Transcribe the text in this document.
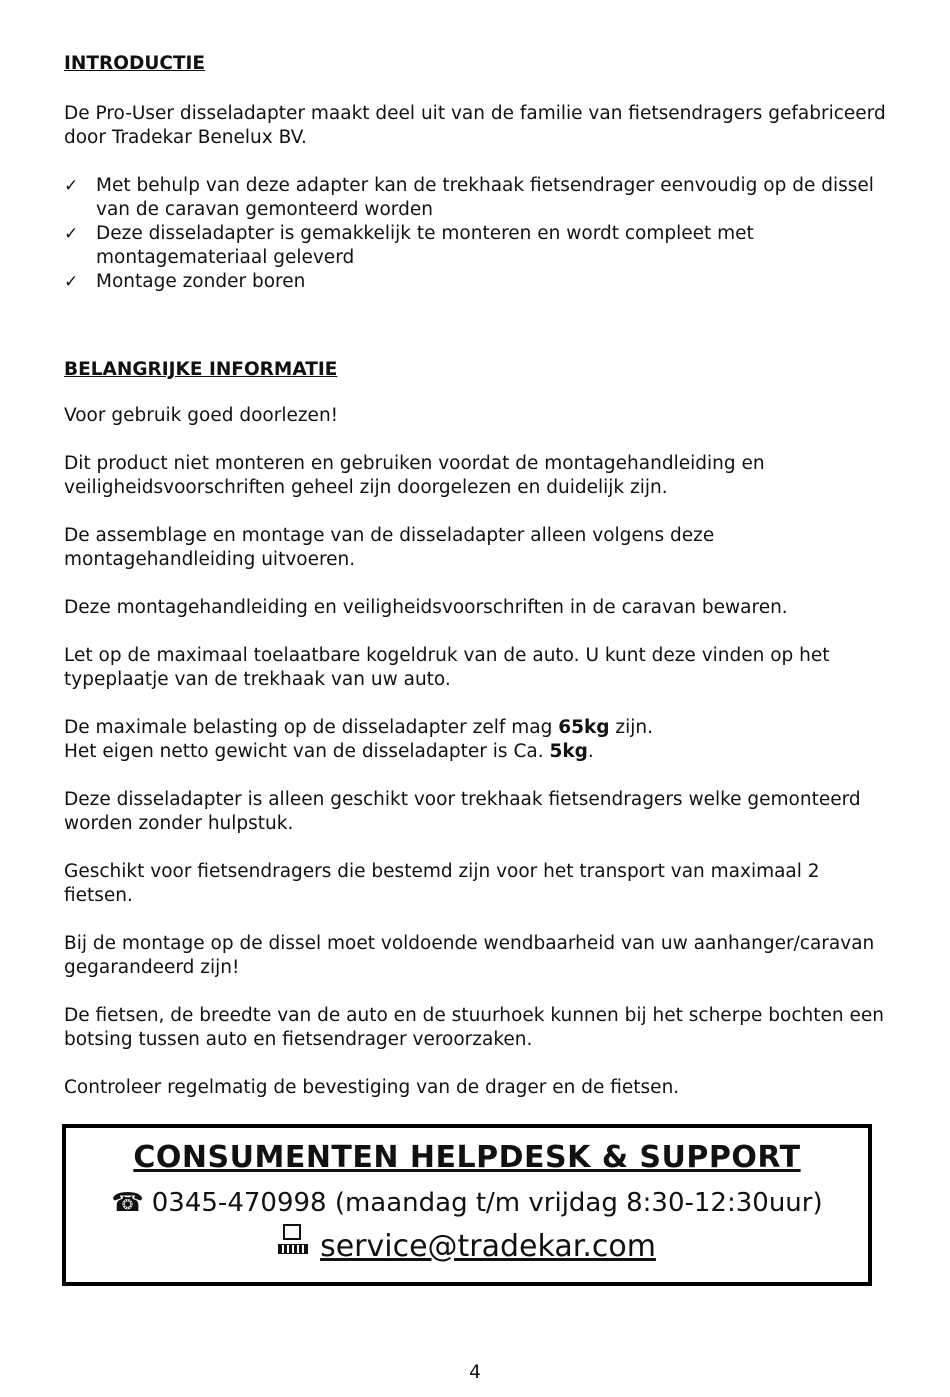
INTRODUCTIE

De Pro-User disseladapter maakt deel uit van de familie van fietsendragers gefabriceerd door Tradekar Benelux BV.

✓ Met behulp van deze adapter kan de trekhaak fietsendrager eenvoudig op de dissel van de caravan gemonteerd worden
✓ Deze disseladapter is gemakkelijk te monteren en wordt compleet met montagemateriaal geleverd
✓ Montage zonder boren
BELANGRIJKE INFORMATIE

Voor gebruik goed doorlezen!

Dit product niet monteren en gebruiken voordat de montagehandleiding en veiligheidsvoorschriften geheel zijn doorgelezen en duidelijk zijn.

De assemblage en montage van de disseladapter alleen volgens deze montagehandleiding uitvoeren.

Deze montagehandleiding en veiligheidsvoorschriften in de caravan bewaren.

Let op de maximaal toelaatbare kogeldruk van de auto. U kunt deze vinden op het typeplaatje van de trekhaak van uw auto.

De maximale belasting op de disseladapter zelf mag 65kg zijn.
Het eigen netto gewicht van de disseladapter is Ca. 5kg.

Deze disseladapter is alleen geschikt voor trekhaak fietsendragers welke gemonteerd worden zonder hulpstuk.

Geschikt voor fietsendragers die bestemd zijn voor het transport van maximaal 2 fietsen.

Bij de montage op de dissel moet voldoende wendbaarheid van uw aanhanger/caravan gegarandeerd zijn!

De fietsen, de breedte van de auto en de stuurhoek kunnen bij het scherpe bochten een botsing tussen auto en fietsendrager veroorzaken.

Controleer regelmatig de bevestiging van de drager en de fietsen.

CONSUMENTEN HELPDESK & SUPPORT
☎ 0345-470998 (maandag t/m vrijdag 8:30-12:30uur)
service@tradekar.com
4
